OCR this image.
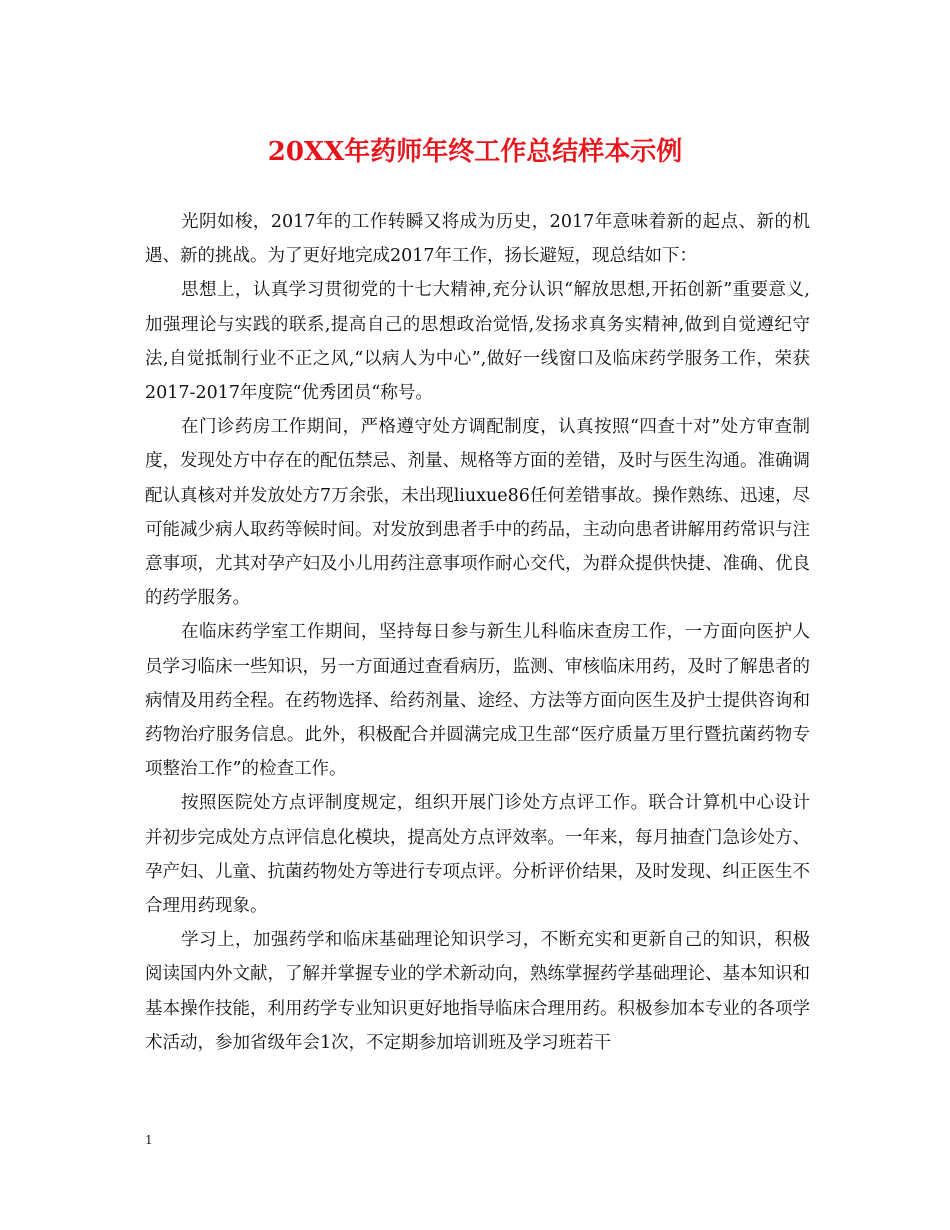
20XX年药师年终工作总结样本示例

光阴如梭，2017年的工作转瞬又将成为历史，2017年意味着新的起点、新的机遇、新的挑战。为了更好地完成2017年工作，扬长避短，现总结如下：

思想上，认真学习贯彻党的十七大精神,充分认识“解放思想,开拓创新”重要意义,加强理论与实践的联系,提高自己的思想政治觉悟,发扬求真务实精神,做到自觉遵纪守法,自觉抵制行业不正之风,“以病人为中心”,做好一线窗口及临床药学服务工作，荣获2017-2017年度院“优秀团员“称号。

在门诊药房工作期间，严格遵守处方调配制度，认真按照“四查十对”处方审查制度，发现处方中存在的配伍禁忌、剂量、规格等方面的差错，及时与医生沟通。准确调配认真核对并发放处方7万余张，未出现liuxue86任何差错事故。操作熟练、迅速，尽可能减少病人取药等候时间。对发放到患者手中的药品，主动向患者讲解用药常识与注意事项，尤其对孕产妇及小儿用药注意事项作耐心交代，为群众提供快捷、准确、优良的药学服务。

在临床药学室工作期间，坚持每日参与新生儿科临床查房工作，一方面向医护人员学习临床一些知识，另一方面通过查看病历，监测、审核临床用药，及时了解患者的病情及用药全程。在药物选择、给药剂量、途经、方法等方面向医生及护士提供咨询和药物治疗服务信息。此外，积极配合并圆满完成卫生部“医疗质量万里行暨抗菌药物专项整治工作”的检查工作。

按照医院处方点评制度规定，组织开展门诊处方点评工作。联合计算机中心设计并初步完成处方点评信息化模块，提高处方点评效率。一年来，每月抽查门急诊处方、孕产妇、儿童、抗菌药物处方等进行专项点评。分析评价结果，及时发现、纠正医生不合理用药现象。

学习上，加强药学和临床基础理论知识学习，不断充实和更新自己的知识，积极阅读国内外文献，了解并掌握专业的学术新动向，熟练掌握药学基础理论、基本知识和基本操作技能，利用药学专业知识更好地指导临床合理用药。积极参加本专业的各项学术活动，参加省级年会1次，不定期参加培训班及学习班若干

1
